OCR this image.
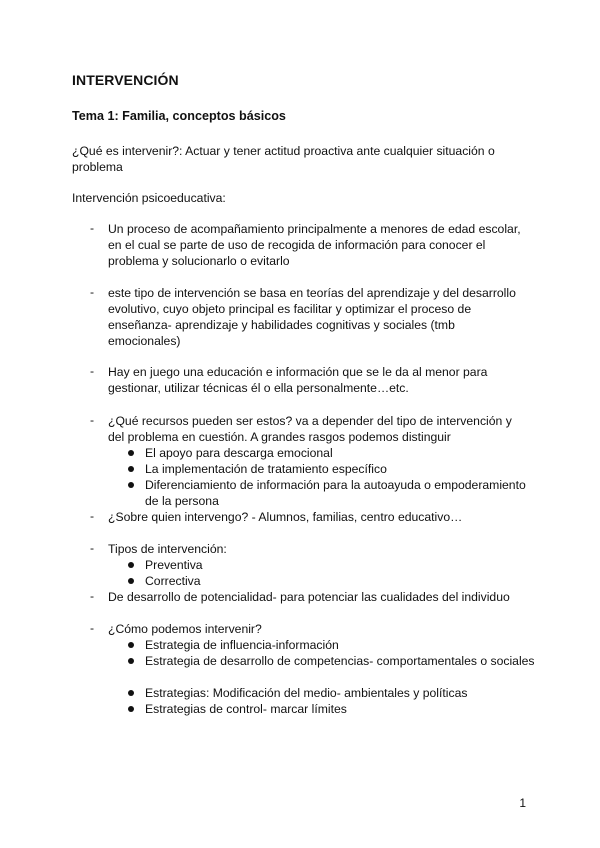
INTERVENCIÓN
Tema 1: Familia, conceptos básicos
¿Qué es intervenir?: Actuar y tener actitud proactiva ante cualquier situación o problema
Intervención psicoeducativa:
-	Un proceso de acompañamiento principalmente a menores de edad escolar, en el cual se parte de uso de recogida de información para conocer el problema y solucionarlo o evitarlo
-	este tipo de intervención se basa en teorías del aprendizaje y del desarrollo evolutivo, cuyo objeto principal es facilitar y optimizar el proceso de enseñanza- aprendizaje y habilidades cognitivas y sociales (tmb emocionales)
-	Hay en juego una educación e información que se le da al menor para gestionar, utilizar técnicas él o ella personalmente…etc.
-	¿Qué recursos pueden ser estos? va a depender del tipo de intervención y del problema en cuestión. A grandes rasgos podemos distinguir
El apoyo para descarga emocional
La implementación de tratamiento específico
Diferenciamiento de información para la autoayuda o empoderamiento de la persona
-	¿Sobre quien intervengo? - Alumnos, familias, centro educativo…
-	Tipos de intervención:
Preventiva
Correctiva
-	De desarrollo de potencialidad- para potenciar las cualidades del individuo
-	¿Cómo podemos intervenir?
Estrategia de influencia-información
Estrategia de desarrollo de competencias- comportamentales o sociales
Estrategias: Modificación del medio- ambientales y políticas
Estrategias de control- marcar límites
1
